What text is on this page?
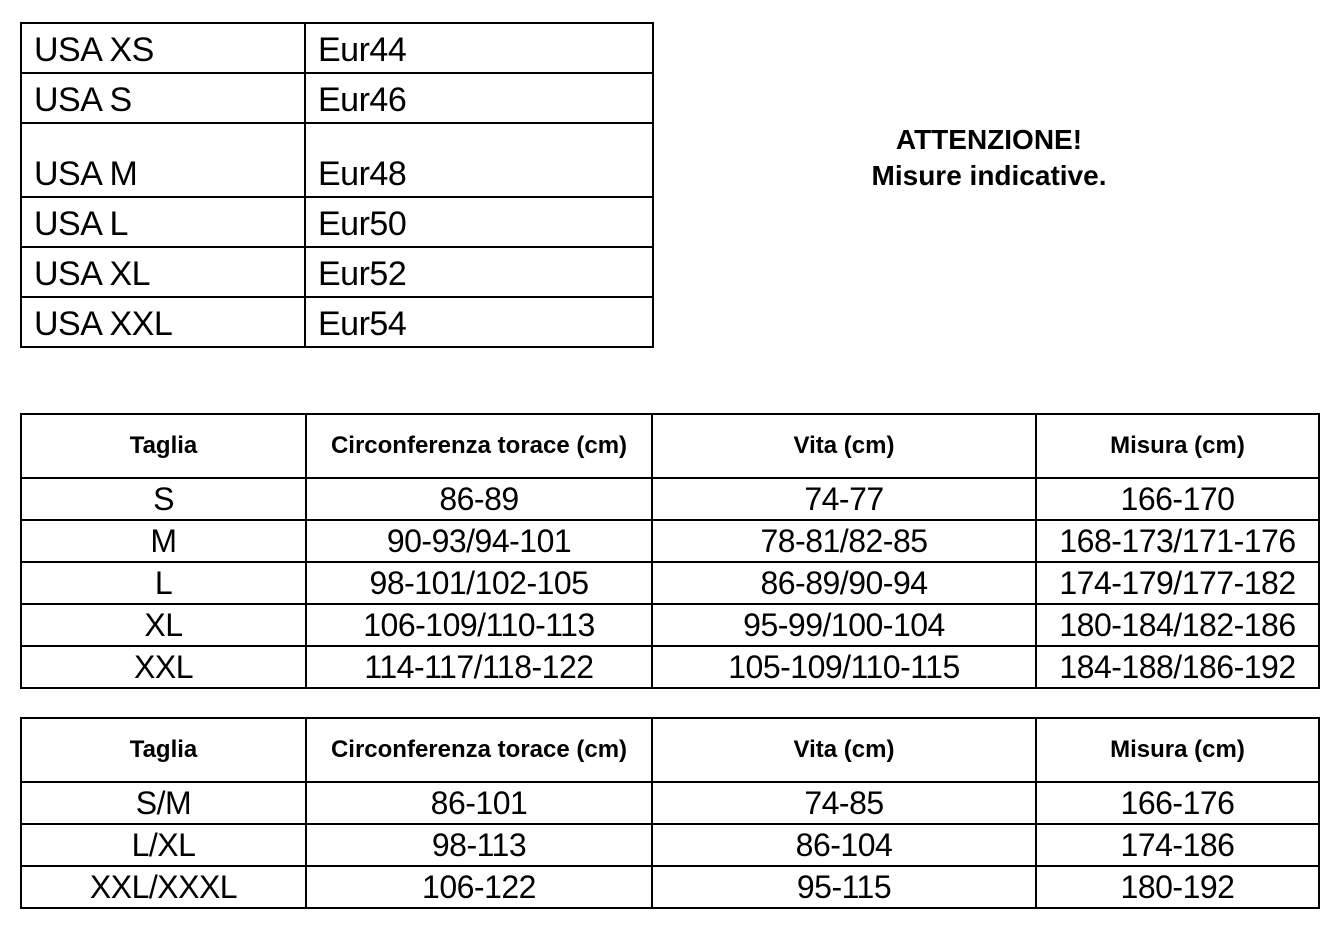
USA XS	Eur44
USA S	Eur46
USA M	Eur48
USA L	Eur50
USA XL	Eur52
USA XXL	Eur54
ATTENZIONE!
Misure indicative.
Taglia	Circonferenza torace (cm)	Vita (cm)	Misura (cm)
S	86-89	74-77	166-170
M	90-93/94-101	78-81/82-85	168-173/171-176
L	98-101/102-105	86-89/90-94	174-179/177-182
XL	106-109/110-113	95-99/100-104	180-184/182-186
XXL	114-117/118-122	105-109/110-115	184-188/186-192
Taglia	Circonferenza torace (cm)	Vita (cm)	Misura (cm)
S/M	86-101	74-85	166-176
L/XL	98-113	86-104	174-186
XXL/XXXL	106-122	95-115	180-192
